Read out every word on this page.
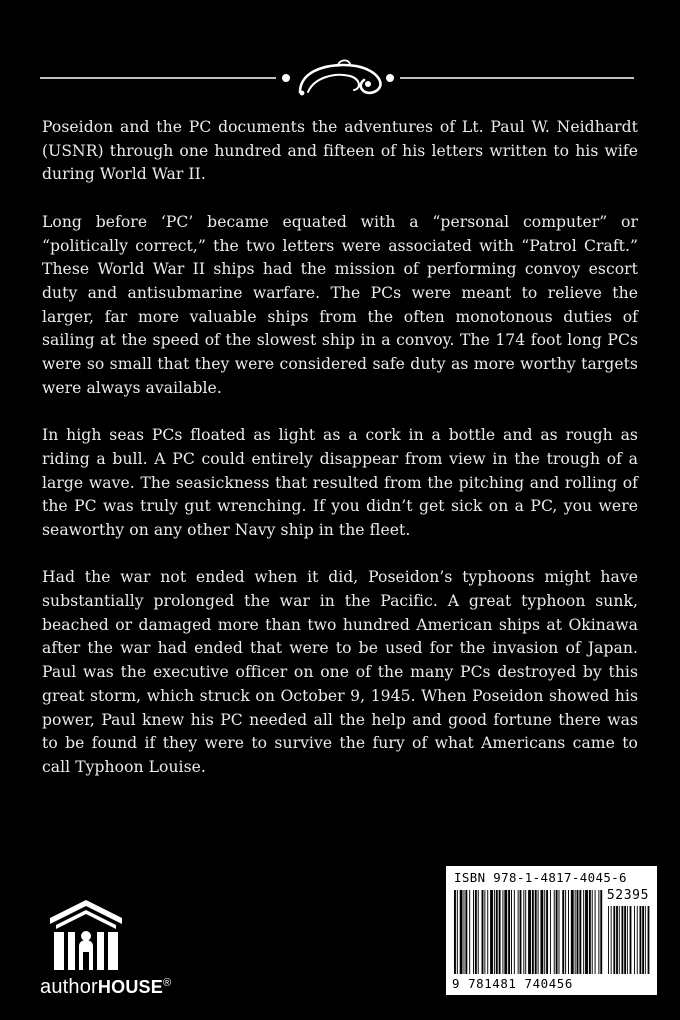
Poseidon and the PC documents the adventures of Lt. Paul W. Neidhardt (USNR) through one hundred and fifteen of his letters written to his wife during World War II.

Long before ‘PC’ became equated with a “personal computer” or “politically correct,” the two letters were associated with “Patrol Craft.” These World War II ships had the mission of performing convoy escort duty and antisubmarine warfare. The PCs were meant to relieve the larger, far more valuable ships from the often monotonous duties of sailing at the speed of the slowest ship in a convoy. The 174 foot long PCs were so small that they were considered safe duty as more worthy targets were always available.

In high seas PCs floated as light as a cork in a bottle and as rough as riding a bull. A PC could entirely disappear from view in the trough of a large wave. The seasickness that resulted from the pitching and rolling of the PC was truly gut wrenching. If you didn’t get sick on a PC, you were seaworthy on any other Navy ship in the fleet.

Had the war not ended when it did, Poseidon’s typhoons might have substantially prolonged the war in the Pacific. A great typhoon sunk, beached or damaged more than two hundred American ships at Okinawa after the war had ended that were to be used for the invasion of Japan. Paul was the executive officer on one of the many PCs destroyed by this great storm, which struck on October 9, 1945. When Poseidon showed his power, Paul knew his PC needed all the help and good fortune there was to be found if they were to survive the fury of what Americans came to call Typhoon Louise.

authorHOUSE®
ISBN 978-1-4817-4045-6
52395
9 781481 740456
